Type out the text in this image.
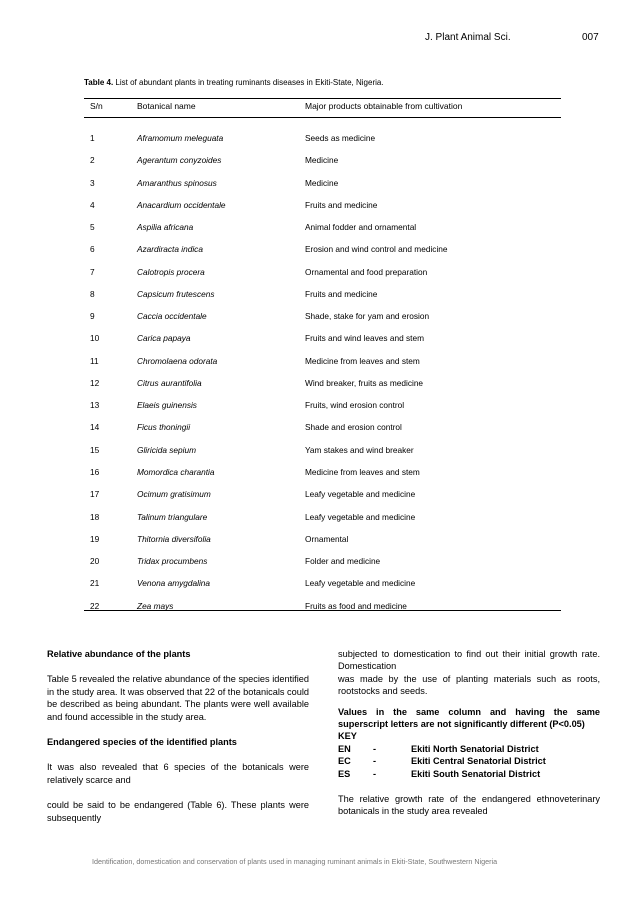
J. Plant Animal Sci.	007
Table 4. List of abundant plants in treating ruminants diseases in Ekiti-State, Nigeria.
S/n	Botanical name	Major products obtainable from cultivation
1	Aframomum meleguata	Seeds as medicine
2	Agerantum conyzoides	Medicine
3	Amaranthus spinosus	Medicine
4	Anacardium occidentale	Fruits and medicine
5	Aspilia africana	Animal fodder and ornamental
6	Azardiracta indica	Erosion and wind control and medicine
7	Calotropis procera	Ornamental and food preparation
8	Capsicum frutescens	Fruits and medicine
9	Caccia occidentale	Shade, stake for yam and erosion
10	Carica papaya	Fruits and wind leaves and stem
11	Chromolaena odorata	Medicine from leaves and stem
12	Citrus aurantifolia	Wind breaker, fruits as medicine
13	Elaeis guinensis	Fruits, wind erosion control
14	Ficus thoningii	Shade and erosion control
15	Gliricida sepium	Yam stakes and wind breaker
16	Momordica charantia	Medicine from leaves and stem
17	Ocimum gratisimum	Leafy vegetable and medicine
18	Talinum triangulare	Leafy vegetable and medicine
19	Thitornia diversifolia	Ornamental
20	Tridax procumbens	Folder and medicine
21	Venona amygdalina	Leafy vegetable and medicine
22	Zea mays	Fruits as food and medicine

Relative abundance of the plants

Table 5 revealed the relative abundance of the species identified in the study area. It was observed that 22 of the botanicals could be described as being abundant. The plants were well available and found accessible in the study area.

Endangered species of the identified plants

It was also revealed that 6 species of the botanicals were relatively scarce and

could be said to be endangered (Table 6). These plants were subsequently

subjected to domestication to find out their initial growth rate. Domestication

was made by the use of planting materials such as roots, rootstocks and seeds.

Values in the same column and having the same superscript letters are not significantly different (P<0.05)

KEY

EN -	Ekiti North Senatorial District
EC -	Ekiti Central Senatorial District
ES -	Ekiti South Senatorial District

The relative growth rate of the endangered ethnoveterinary botanicals in the study area revealed

Identification, domestication and conservation of plants used in managing ruminant animals in Ekiti-State, Southwestern Nigeria
